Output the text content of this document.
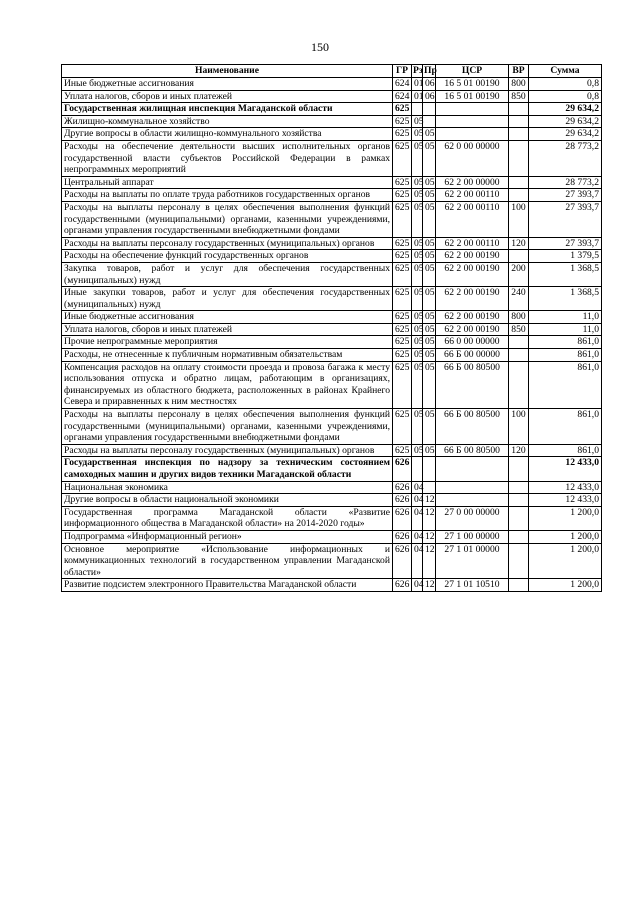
150
Наименование	ГР	Рз	Пр	ЦСР	ВР	Сумма
Иные бюджетные ассигнования	624	01	06	16 5 01 00190	800	0,8
Уплата налогов, сборов и иных платежей	624	01	06	16 5 01 00190	850	0,8
Государственная жилищная инспекция Магаданской области	625					29 634,2
Жилищно-коммунальное хозяйство	625	05				29 634,2
Другие вопросы в области жилищно-коммунального хозяйства	625	05	05			29 634,2
Расходы на обеспечение деятельности высших исполнительных органов государственной власти субъектов Российской Федерации в рамках непрограммных мероприятий	625	05	05	62 0 00 00000		28 773,2
Центральный аппарат	625	05	05	62 2 00 00000		28 773,2
Расходы на выплаты по оплате труда работников государственных органов	625	05	05	62 2 00 00110		27 393,7
Расходы на выплаты персоналу в целях обеспечения выполнения функций государственными (муниципальными) органами, казенными учреждениями, органами управления государственными внебюджетными фондами	625	05	05	62 2 00 00110	100	27 393,7
Расходы на выплаты персоналу государственных (муниципальных) органов	625	05	05	62 2 00 00110	120	27 393,7
Расходы на обеспечение функций государственных органов	625	05	05	62 2 00 00190		1 379,5
Закупка товаров, работ и услуг для обеспечения государственных (муниципальных) нужд	625	05	05	62 2 00 00190	200	1 368,5
Иные закупки товаров, работ и услуг для обеспечения государственных (муниципальных) нужд	625	05	05	62 2 00 00190	240	1 368,5
Иные бюджетные ассигнования	625	05	05	62 2 00 00190	800	11,0
Уплата налогов, сборов и иных платежей	625	05	05	62 2 00 00190	850	11,0
Прочие непрограммные мероприятия	625	05	05	66 0 00 00000		861,0
Расходы, не отнесенные к публичным нормативным обязательствам	625	05	05	66 Б 00 00000		861,0
Компенсация расходов на оплату стоимости проезда и провоза багажа к месту использования отпуска и обратно лицам, работающим в организациях, финансируемых из областного бюджета, расположенных в районах Крайнего Севера и приравненных к ним местностях	625	05	05	66 Б 00 80500		861,0
Расходы на выплаты персоналу в целях обеспечения выполнения функций государственными (муниципальными) органами, казенными учреждениями, органами управления государственными внебюджетными фондами	625	05	05	66 Б 00 80500	100	861,0
Расходы на выплаты персоналу государственных (муниципальных) органов	625	05	05	66 Б 00 80500	120	861,0
Государственная инспекция по надзору за техническим состоянием самоходных машин и других видов техники Магаданской области	626					12 433,0
Национальная экономика	626	04				12 433,0
Другие вопросы в области национальной экономики	626	04	12			12 433,0
Государственная программа Магаданской области «Развитие информационного общества в Магаданской области» на 2014-2020 годы»	626	04	12	27 0 00 00000		1 200,0
Подпрограмма «Информационный регион»	626	04	12	27 1 00 00000		1 200,0
Основное мероприятие «Использование информационных и коммуникационных технологий в государственном управлении Магаданской области»	626	04	12	27 1 01 00000		1 200,0
Развитие подсистем электронного Правительства Магаданской области	626	04	12	27 1 01 10510		1 200,0
